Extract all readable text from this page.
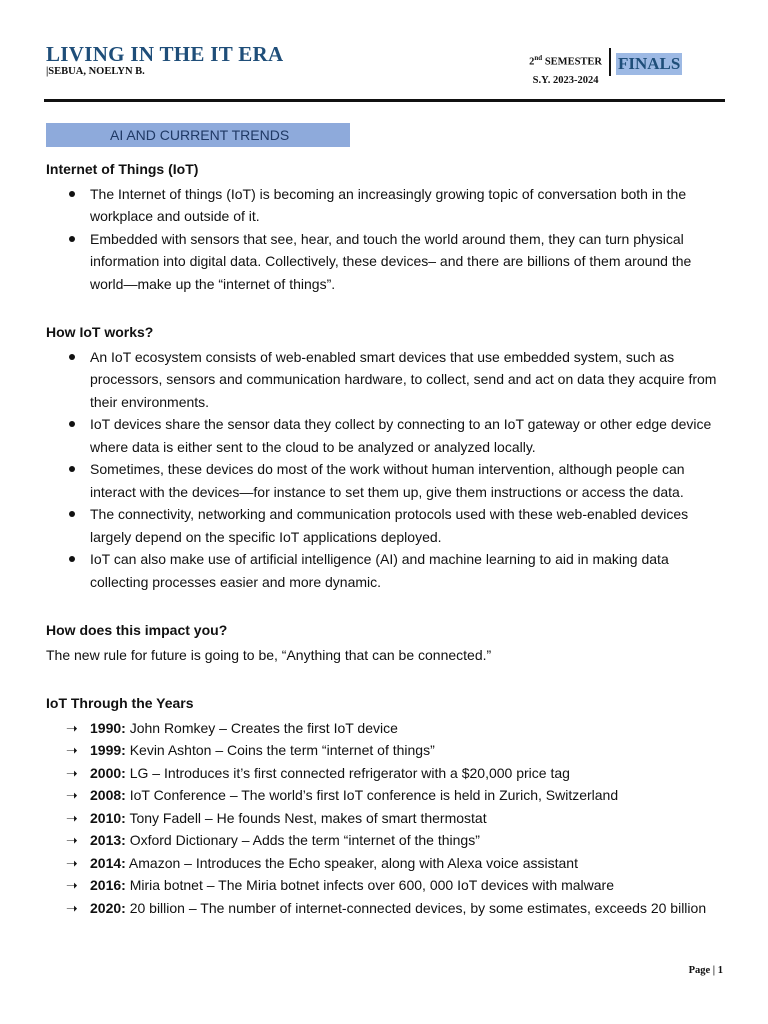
LIVING IN THE IT ERA
|SEBUA, NOELYN B.
2nd SEMESTER
S.Y. 2023-2024
FINALS
AI AND CURRENT TRENDS
Internet of Things (IoT)
The Internet of things (IoT) is becoming an increasingly growing topic of conversation both in the workplace and outside of it.
Embedded with sensors that see, hear, and touch the world around them, they can turn physical information into digital data. Collectively, these devices– and there are billions of them around the world—make up the “internet of things”.
How IoT works?
An IoT ecosystem consists of web-enabled smart devices that use embedded system, such as processors, sensors and communication hardware, to collect, send and act on data they acquire from their environments.
IoT devices share the sensor data they collect by connecting to an IoT gateway or other edge device where data is either sent to the cloud to be analyzed or analyzed locally.
Sometimes, these devices do most of the work without human intervention, although people can interact with the devices—for instance to set them up, give them instructions or access the data.
The connectivity, networking and communication protocols used with these web-enabled devices largely depend on the specific IoT applications deployed.
IoT can also make use of artificial intelligence (AI) and machine learning to aid in making data collecting processes easier and more dynamic.
How does this impact you?

The new rule for future is going to be, “Anything that can be connected.”

IoT Through the Years
➝ 1990: John Romkey – Creates the first IoT device
➝ 1999: Kevin Ashton – Coins the term “internet of things”
➝ 2000: LG – Introduces it’s first connected refrigerator with a $20,000 price tag
➝ 2008: IoT Conference – The world’s first IoT conference is held in Zurich, Switzerland
➝ 2010: Tony Fadell – He founds Nest, makes of smart thermostat
➝ 2013: Oxford Dictionary – Adds the term “internet of the things”
➝ 2014: Amazon – Introduces the Echo speaker, along with Alexa voice assistant
➝ 2016: Miria botnet – The Miria botnet infects over 600, 000 IoT devices with malware
➝ 2020: 20 billion – The number of internet-connected devices, by some estimates, exceeds 20 billion
Page | 1
